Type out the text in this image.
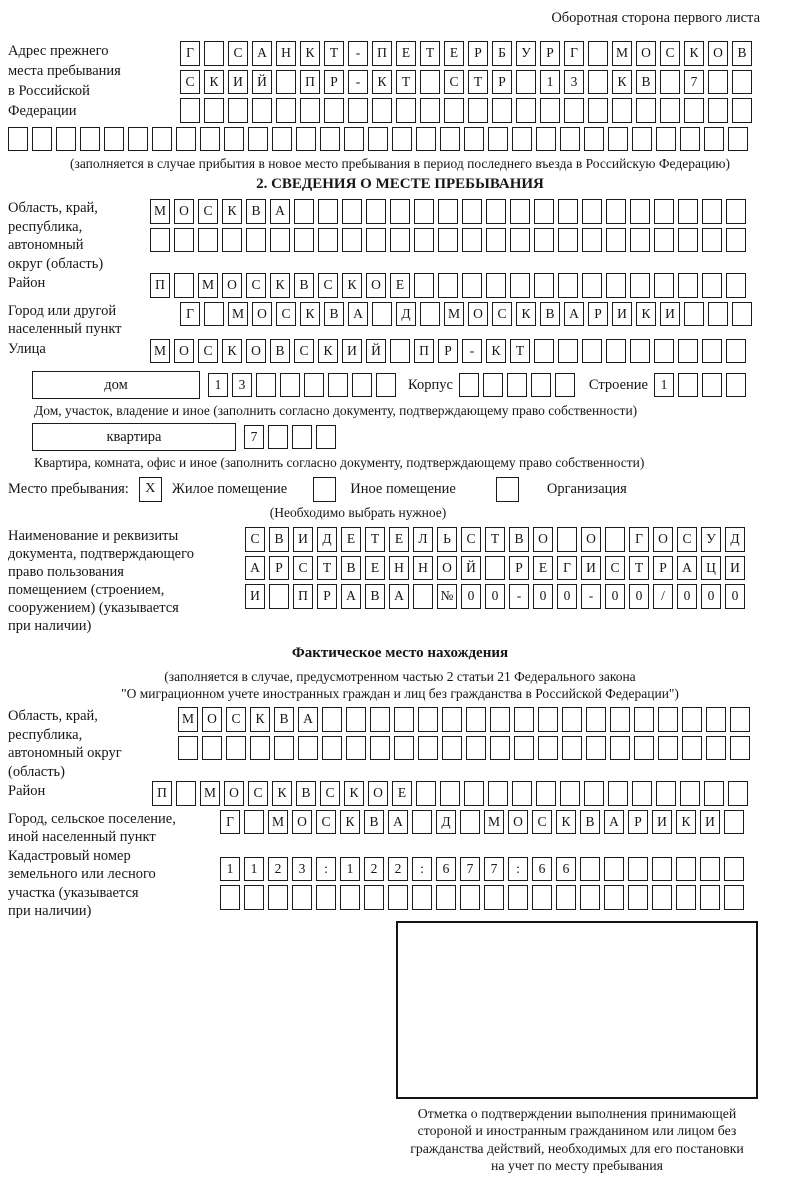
Оборотная сторона первого листа
Адрес прежнего
места пребывания
в Российской
Федерации
Г	С А Н К Т - П Е Т Е Р Б У Р Г	М О С К О В
С К И Й	П Р - К Т	С Т Р	1 3	К В	7
(заполняется в случае прибытия в новое место пребывания в период последнего въезда в Российскую Федерацию)
2. СВЕДЕНИЯ О МЕСТЕ ПРЕБЫВАНИЯ
Область, край,
республика,
автономный
округ (область)
М О С К В А
Район	П	М О С К В С К О Е
Город или другой
населенный пункт
Г	М О С К В А	Д	М О С К В А Р И К И
Улица	М О С К О В С К И Й	П Р - К Т
дом	1 3	Корпус	Строение 1
Дом, участок, владение и иное (заполнить согласно документу, подтверждающему право собственности)
квартира	7
Квартира, комната, офис и иное (заполнить согласно документу, подтверждающему право собственности)
Место пребывания:	X	Жилое помещение	Иное помещение	Организация
(Необходимо выбрать нужное)
Наименование и реквизиты
документа, подтверждающего
право пользования
помещением (строением,
сооружением) (указывается
при наличии)
С В И Д Е Т Е Л Ь С Т В О	О	Г О С У Д
А Р С Т В Е Н Н О Й	Р Е Г И С Т Р А Ц И
И	П Р А В А	№ 0 0 - 0 0 - 0 0 / 0 0 0
Фактическое место нахождения
(заполняется в случае, предусмотренном частью 2 статьи 21 Федерального закона
"О миграционном учете иностранных граждан и лиц без гражданства в Российской Федерации")
Область, край,
республика,
автономный округ
(область)
М О С К В А
Район	П	М О С К В С К О Е
Город, сельское поселение,
иной населенный пункт
Г	М О С К В А	Д	М О С К В А Р И К И
Кадастровый номер
земельного или лесного
участка (указывается
при наличии)
1 1 2 3 : 1 2 2 : 6 7 7 : 6 6
Отметка о подтверждении выполнения принимающей
стороной и иностранным гражданином или лицом без
гражданства действий, необходимых для его постановки
на учет по месту пребывания
